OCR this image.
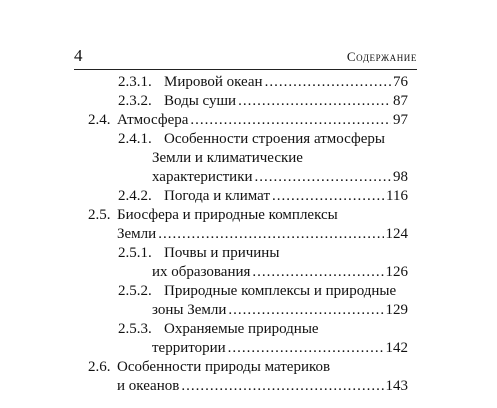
4	Содержание
2.3.1. Мировой океан .....	76
2.3.2. Воды суши .....	87
2.4. Атмосфера .....	97
2.4.1. Особенности строения атмосферы
Земли и климатические
характеристики .....	98
2.4.2. Погода и климат .....	116
2.5. Биосфера и природные комплексы
Земли .....	124
2.5.1. Почвы и причины
их образования .....	126
2.5.2. Природные комплексы и природные
зоны Земли .....	129
2.5.3. Охраняемые природные
территории .....	142
2.6. Особенности природы материков
и океанов .....	143
